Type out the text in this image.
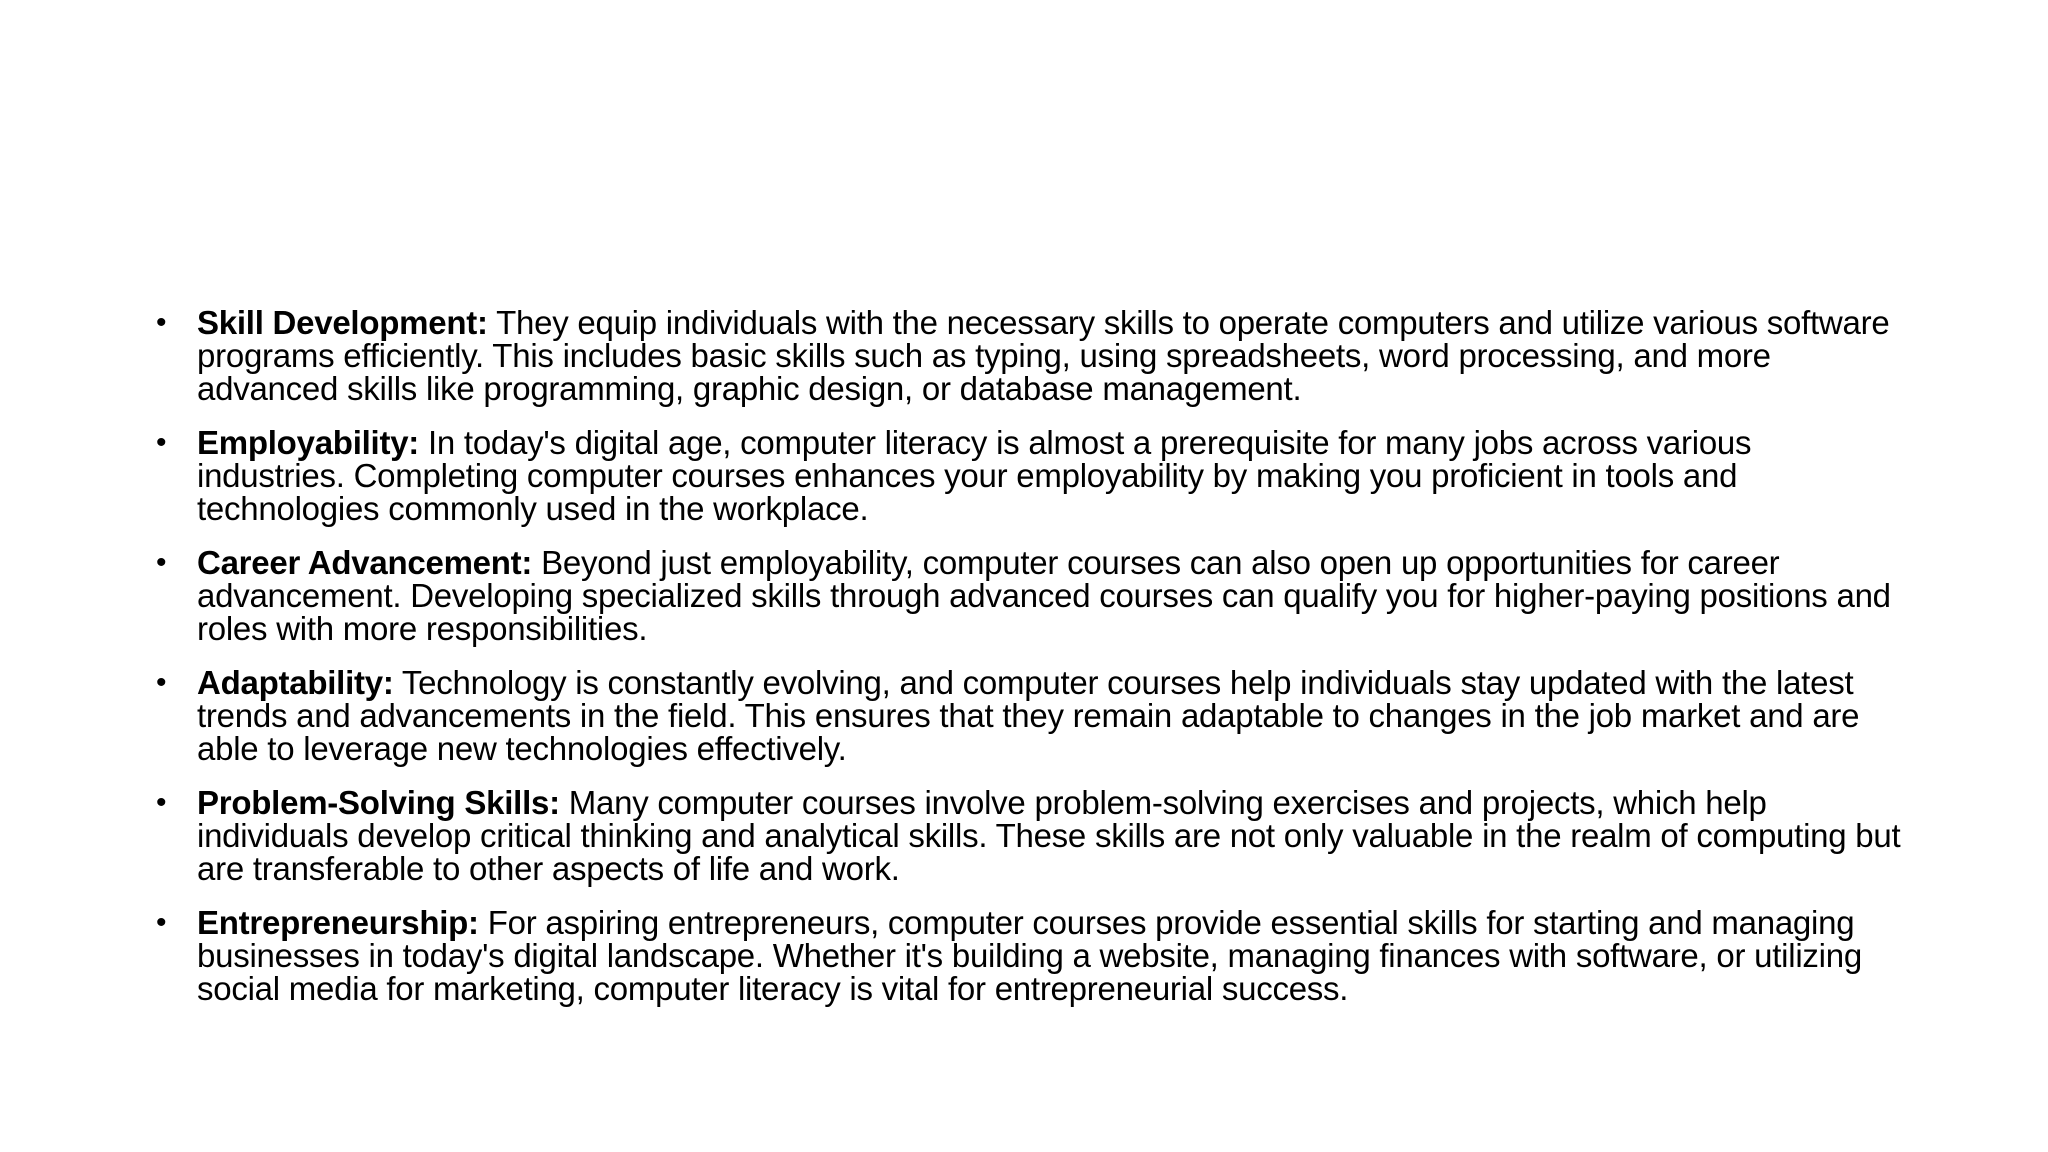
• Skill Development: They equip individuals with the necessary skills to operate computers and utilize various software programs efficiently. This includes basic skills such as typing, using spreadsheets, word processing, and more advanced skills like programming, graphic design, or database management.
• Employability: In today's digital age, computer literacy is almost a prerequisite for many jobs across various industries. Completing computer courses enhances your employability by making you proficient in tools and technologies commonly used in the workplace.
• Career Advancement: Beyond just employability, computer courses can also open up opportunities for career advancement. Developing specialized skills through advanced courses can qualify you for higher-paying positions and roles with more responsibilities.
• Adaptability: Technology is constantly evolving, and computer courses help individuals stay updated with the latest trends and advancements in the field. This ensures that they remain adaptable to changes in the job market and are able to leverage new technologies effectively.
• Problem-Solving Skills: Many computer courses involve problem-solving exercises and projects, which help individuals develop critical thinking and analytical skills. These skills are not only valuable in the realm of computing but are transferable to other aspects of life and work.
• Entrepreneurship: For aspiring entrepreneurs, computer courses provide essential skills for starting and managing businesses in today's digital landscape. Whether it's building a website, managing finances with software, or utilizing social media for marketing, computer literacy is vital for entrepreneurial success.
